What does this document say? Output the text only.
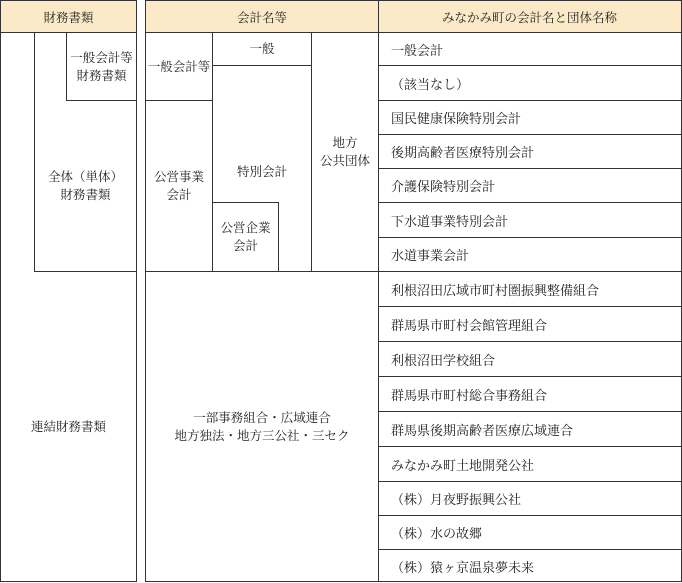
財務書類	会計名等	みなかみ町の会計名と団体名称
一般会計等
財務書類
全体（単体）
財務書類
連結財務書類
一般会計等
一般
公営事業
会計
特別会計
公営企業
会計
地方
公共団体
一部事務組合・広域連合
地方独法・地方三公社・三セク
一般会計
（該当なし）
国民健康保険特別会計
後期高齢者医療特別会計
介護保険特別会計
下水道事業特別会計
水道事業会計
利根沼田広域市町村圏振興整備組合
群馬県市町村会館管理組合
利根沼田学校組合
群馬県市町村総合事務組合
群馬県後期高齢者医療広域連合
みなかみ町土地開発公社
（株）月夜野振興公社
（株）水の故郷
（株）猿ヶ京温泉夢未来
